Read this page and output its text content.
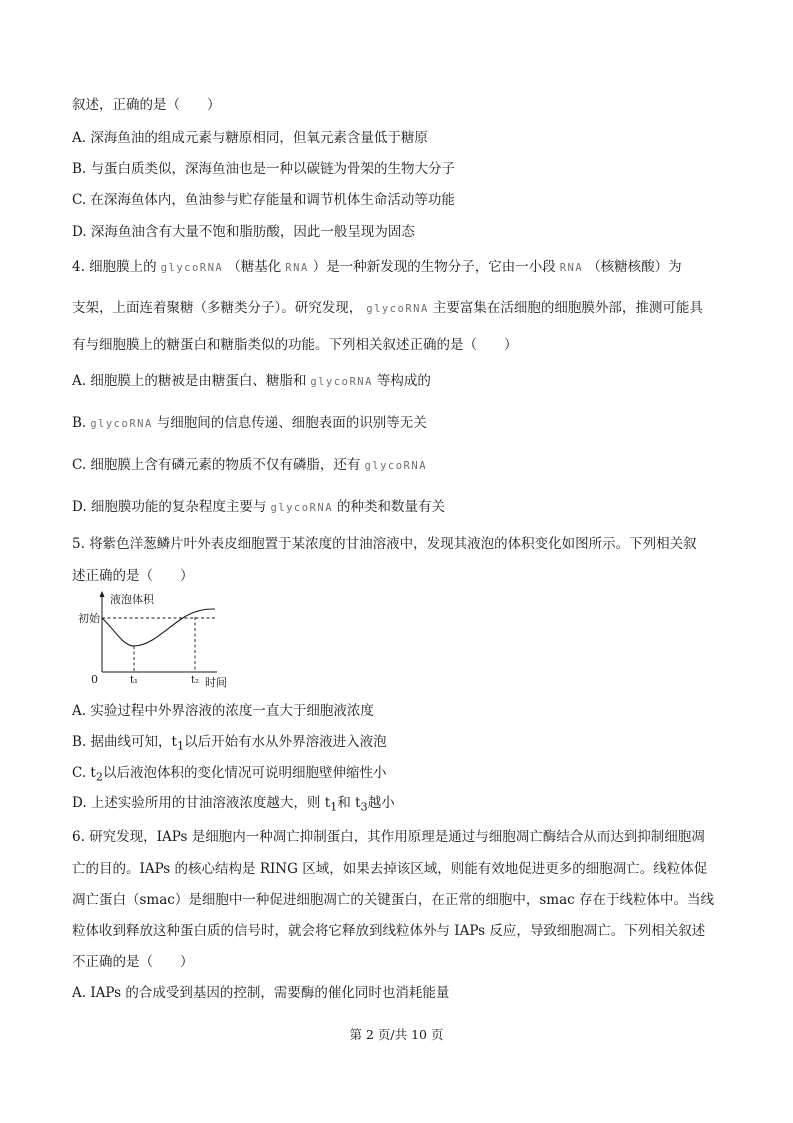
叙述，正确的是（　　）
A. 深海鱼油的组成元素与糖原相同，但氧元素含量低于糖原
B. 与蛋白质类似，深海鱼油也是一种以碳链为骨架的生物大分子
C. 在深海鱼体内，鱼油参与贮存能量和调节机体生命活动等功能
D. 深海鱼油含有大量不饱和脂肪酸，因此一般呈现为固态
4. 细胞膜上的 glycoRNA （糖基化 RNA ）是一种新发现的生物分子，它由一小段 RNA （核糖核酸）为
支架，上面连着聚糖（多糖类分子）。研究发现， glycoRNA 主要富集在活细胞的细胞膜外部，推测可能具
有与细胞膜上的糖蛋白和糖脂类似的功能。下列相关叙述正确的是（　　）
A. 细胞膜上的糖被是由糖蛋白、糖脂和 glycoRNA 等构成的
B. glycoRNA 与细胞间的信息传递、细胞表面的识别等无关
C. 细胞膜上含有磷元素的物质不仅有磷脂，还有 glycoRNA
D. 细胞膜功能的复杂程度主要与 glycoRNA 的种类和数量有关
5. 将紫色洋葱鳞片叶外表皮细胞置于某浓度的甘油溶液中，发现其液泡的体积变化如图所示。下列相关叙
述正确的是（　　）
液泡体积
初始
0	t₁	t₂ 时间
A. 实验过程中外界溶液的浓度一直大于细胞液浓度
B. 据曲线可知，$t_1$以后开始有水从外界溶液进入液泡
C. $t_2$以后液泡体积的变化情况可说明细胞壁伸缩性小
D. 上述实验所用的甘油溶液浓度越大，则 $t_1$和 $t_3$越小
6. 研究发现，IAPs 是细胞内一种凋亡抑制蛋白，其作用原理是通过与细胞凋亡酶结合从而达到抑制细胞凋
亡的目的。IAPs 的核心结构是 RING 区域，如果去掉该区域，则能有效地促进更多的细胞凋亡。线粒体促
凋亡蛋白（smac）是细胞中一种促进细胞凋亡的关键蛋白，在正常的细胞中，smac 存在于线粒体中。当线
粒体收到释放这种蛋白质的信号时，就会将它释放到线粒体外与 IAPs 反应，导致细胞凋亡。下列相关叙述
不正确的是（　　）
A. IAPs 的合成受到基因的控制，需要酶的催化同时也消耗能量
第 2 页/共 10 页
